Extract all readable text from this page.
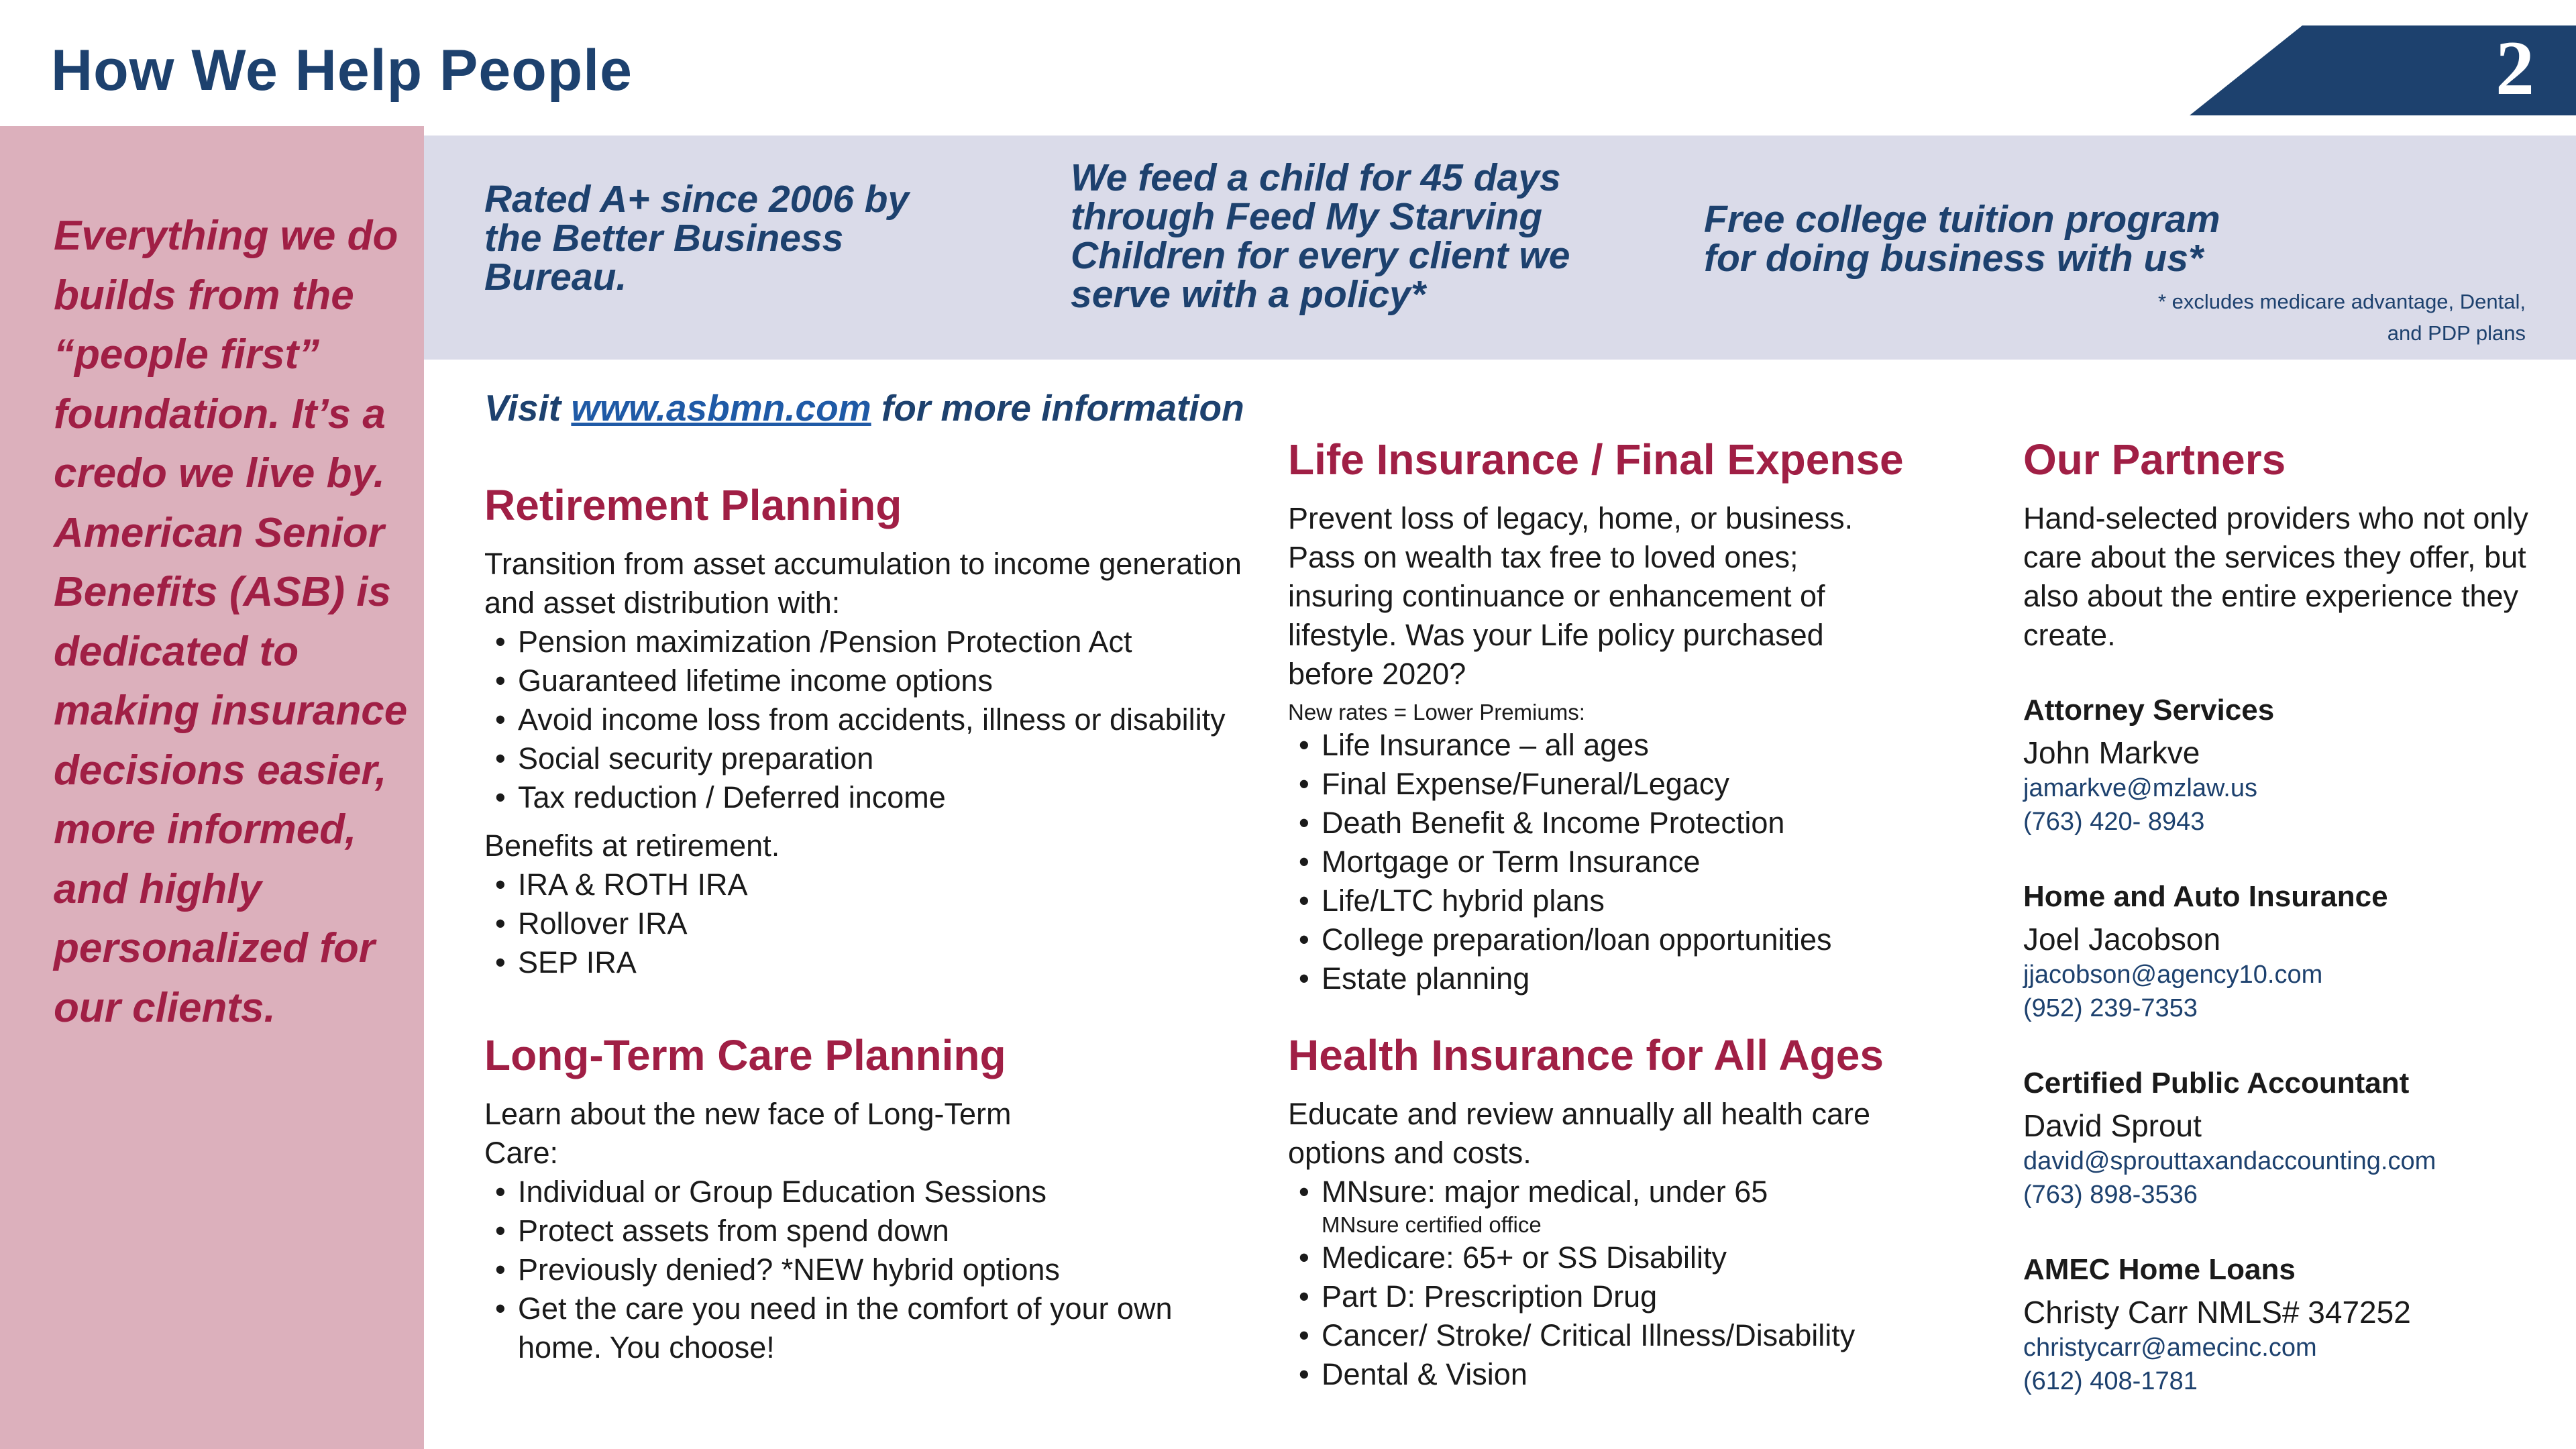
How We Help People	2
Everything we do builds from the “people first” foundation. It’s a credo we live by. American Senior Benefits (ASB) is dedicated to making insurance decisions easier, more informed, and highly personalized for our clients.
Rated A+ since 2006 by the Better Business Bureau.
We feed a child for 45 days through Feed My Starving Children for every client we serve with a policy*
Free college tuition program for doing business with us*
* excludes medicare advantage, Dental, and PDP plans
Visit www.asbmn.com for more information
Retirement Planning
Transition from asset accumulation to income generation and asset distribution with:
• Pension maximization /Pension Protection Act
• Guaranteed lifetime income options
• Avoid income loss from accidents, illness or disability
• Social security preparation
• Tax reduction / Deferred income
Benefits at retirement.
• IRA & ROTH IRA
• Rollover IRA
• SEP IRA
Long-Term Care Planning
Learn about the new face of Long-Term Care:
• Individual or Group Education Sessions
• Protect assets from spend down
• Previously denied? *NEW hybrid options
• Get the care you need in the comfort of your own home. You choose!
Life Insurance / Final Expense
Prevent loss of legacy, home, or business. Pass on wealth tax free to loved ones; insuring continuance or enhancement of lifestyle. Was your Life policy purchased before 2020?
New rates = Lower Premiums:
• Life Insurance – all ages
• Final Expense/Funeral/Legacy
• Death Benefit & Income Protection
• Mortgage or Term Insurance
• Life/LTC hybrid plans
• College preparation/loan opportunities
• Estate planning
Health Insurance for All Ages
Educate and review annually all health care options and costs.
• MNsure: major medical, under 65
MNsure certified office
• Medicare: 65+ or SS Disability
• Part D: Prescription Drug
• Cancer/ Stroke/ Critical Illness/Disability
• Dental & Vision
Our Partners
Hand-selected providers who not only care about the services they offer, but also about the entire experience they create.
Attorney Services
John Markve
jamarkve@mzlaw.us
(763) 420- 8943
Home and Auto Insurance
Joel Jacobson
jjacobson@agency10.com
(952) 239-7353
Certified Public Accountant
David Sprout
david@sprouttaxandaccounting.com
(763) 898-3536
AMEC Home Loans
Christy Carr NMLS# 347252
christycarr@amecinc.com
(612) 408-1781
